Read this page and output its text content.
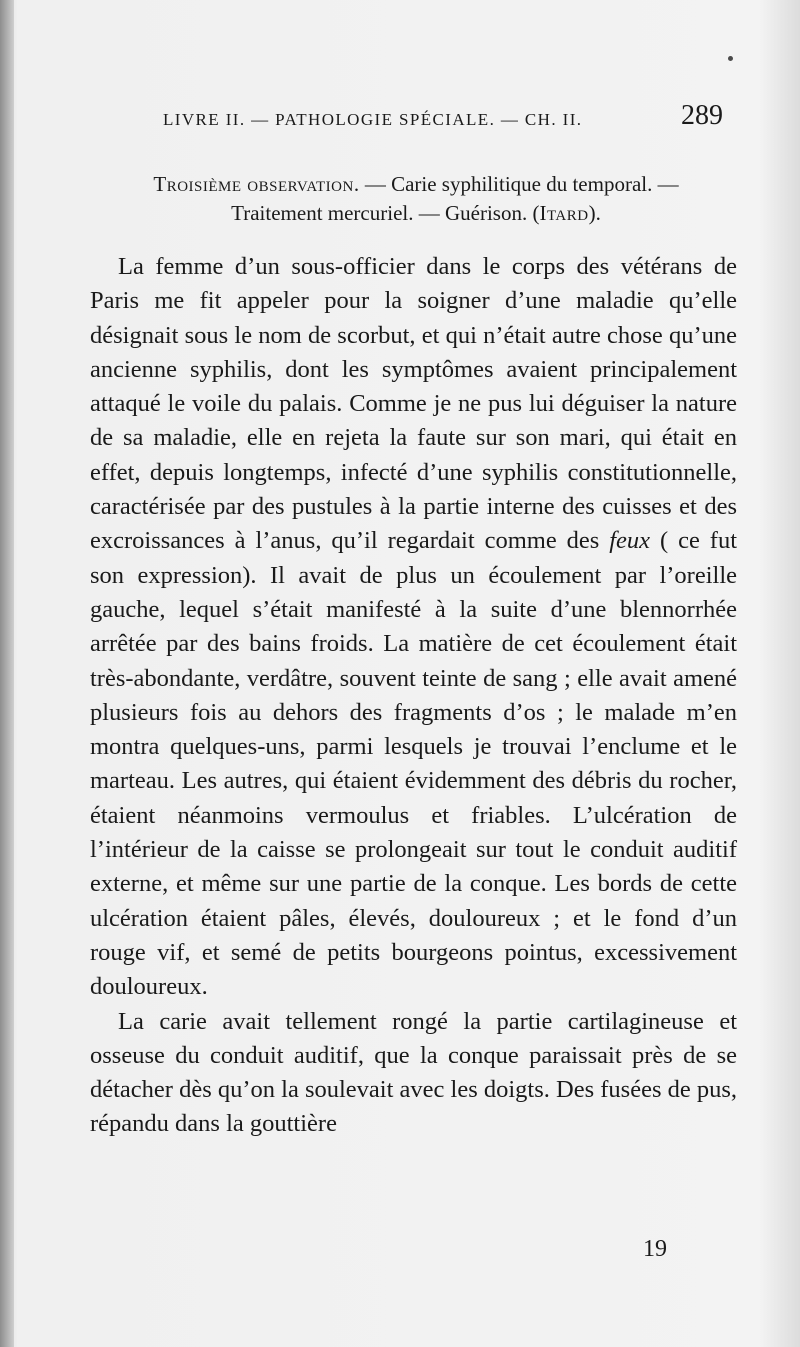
LIVRE II. — PATHOLOGIE SPÉCIALE. — CH. II.	289
Troisième observation. — Carie syphilitique du temporal. — Traitement mercuriel. — Guérison. (Itard).

La femme d’un sous-officier dans le corps des vétérans de Paris me fit appeler pour la soigner d’une maladie qu’elle désignait sous le nom de scorbut, et qui n’était autre chose qu’une ancienne syphilis, dont les symptômes avaient principalement attaqué le voile du palais. Comme je ne pus lui déguiser la nature de sa maladie, elle en rejeta la faute sur son mari, qui était en effet, depuis longtemps, infecté d’une syphilis constitutionnelle, caractérisée par des pustules à la partie interne des cuisses et des excroissances à l’anus, qu’il regardait comme des feux ( ce fut son expression). Il avait de plus un écoulement par l’oreille gauche, lequel s’était manifesté à la suite d’une blennorrhée arrêtée par des bains froids. La matière de cet écoulement était très-abondante, verdâtre, souvent teinte de sang ; elle avait amené plusieurs fois au dehors des fragments d’os ; le malade m’en montra quelques-uns, parmi lesquels je trouvai l’enclume et le marteau. Les autres, qui étaient évidemment des débris du rocher, étaient néanmoins vermoulus et friables. L’ulcération de l’intérieur de la caisse se prolongeait sur tout le conduit auditif externe, et même sur une partie de la conque. Les bords de cette ulcération étaient pâles, élevés, douloureux ; et le fond d’un rouge vif, et semé de petits bourgeons pointus, excessivement douloureux.

La carie avait tellement rongé la partie cartilagineuse et osseuse du conduit auditif, que la conque paraissait près de se détacher dès qu’on la soulevait avec les doigts. Des fusées de pus, répandu dans la gouttière

19
